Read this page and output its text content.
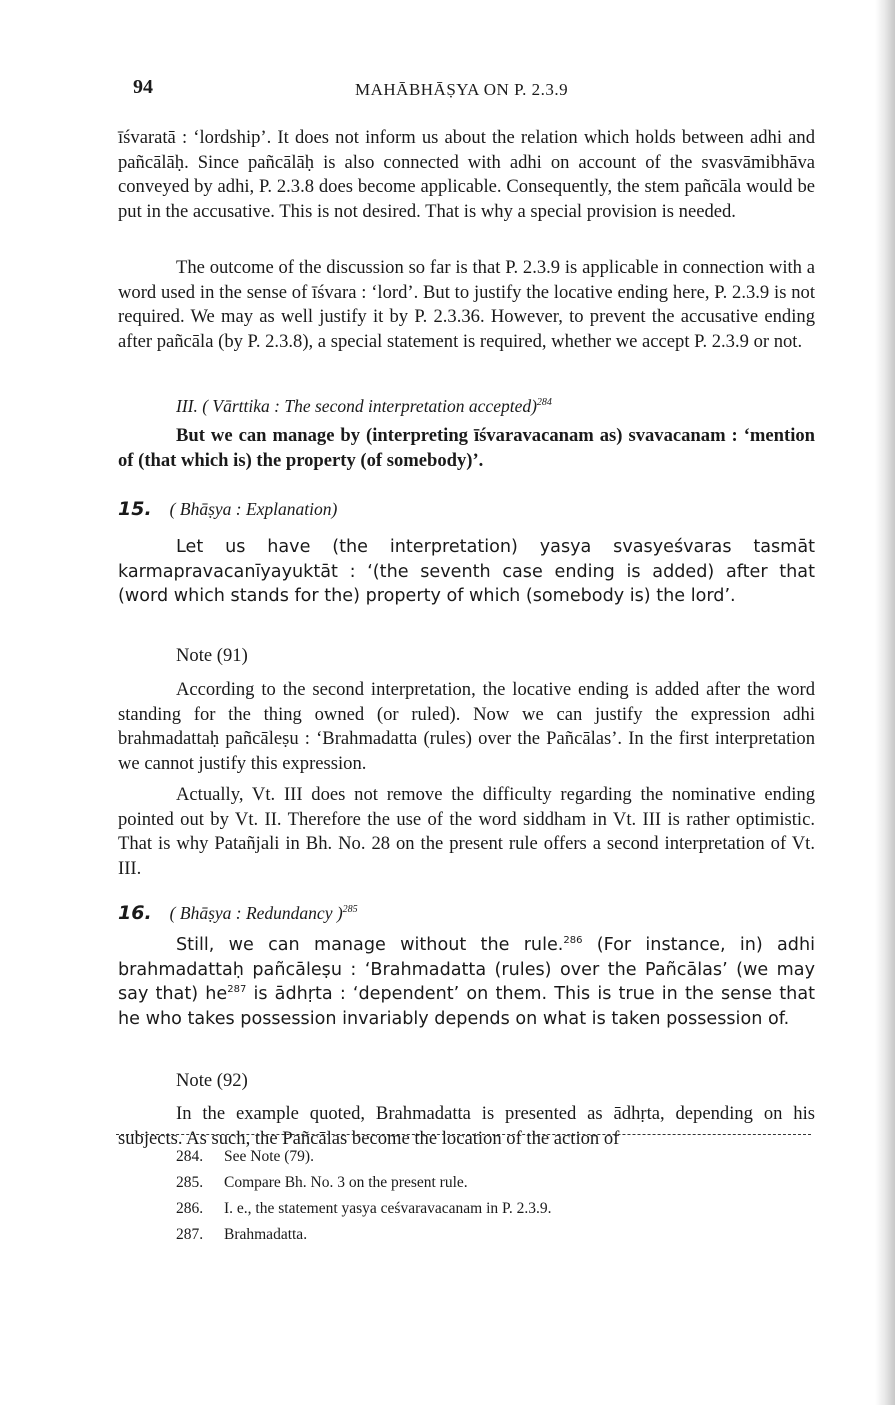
94	MAHĀBHĀṢYA ON P. 2.3.9

īśvaratā : ‘lordship’. It does not inform us about the relation which holds between adhi and pañcālāḥ. Since pañcālāḥ is also connected with adhi on account of the svasvāmibhāva conveyed by adhi, P. 2.3.8 does become applicable. Consequently, the stem pañcāla would be put in the accusative. This is not desired. That is why a special provision is needed.

The outcome of the discussion so far is that P. 2.3.9 is applicable in connection with a word used in the sense of īśvara : ‘lord’. But to justify the locative ending here, P. 2.3.9 is not required. We may as well justify it by P. 2.3.36. However, to prevent the accusative ending after pañcāla (by P. 2.3.8), a special statement is required, whether we accept P. 2.3.9 or not.

III. ( Vārttika : The second interpretation accepted)$^{284}$

But we can manage by (interpreting īśvaravacanam as) svavacanam : ‘mention of (that which is) the property (of somebody)’.

15. ( Bhāṣya : Explanation)

Let us have (the interpretation) yasya svasyeśvaras tasmāt karmapravacanīyayuktāt : ‘(the seventh case ending is added) after that (word which stands for the) property of which (somebody is) the lord’.

Note (91)

According to the second interpretation, the locative ending is added after the word standing for the thing owned (or ruled). Now we can justify the expression adhi brahmadattaḥ pañcāleṣu : ‘Brahmadatta (rules) over the Pañcālas’. In the first interpretation we cannot justify this expression.

Actually, Vt. III does not remove the difficulty regarding the nominative ending pointed out by Vt. II. Therefore the use of the word siddham in Vt. III is rather optimistic. That is why Patañjali in Bh. No. 28 on the present rule offers a second interpretation of Vt. III.

16. ( Bhāṣya : Redundancy )$^{285}$

Still, we can manage without the rule.$^{286}$ (For instance, in) adhi brahmadattaḥ pañcāleṣu : ‘Brahmadatta (rules) over the Pañcālas’ (we may say that) $he^{287}$ is ādhṛta : ‘dependent’ on them. This is true in the sense that he who takes possession invariably depends on what is taken possession of.

Note (92)

In the example quoted, Brahmadatta is presented as ādhṛta, depending on his subjects. As such, the Pañcālas become the location of the action of

284. See Note (79).
285. Compare Bh. No. 3 on the present rule.
286. I. e., the statement yasya ceśvaravacanam in P. 2.3.9.
287. Brahmadatta.
